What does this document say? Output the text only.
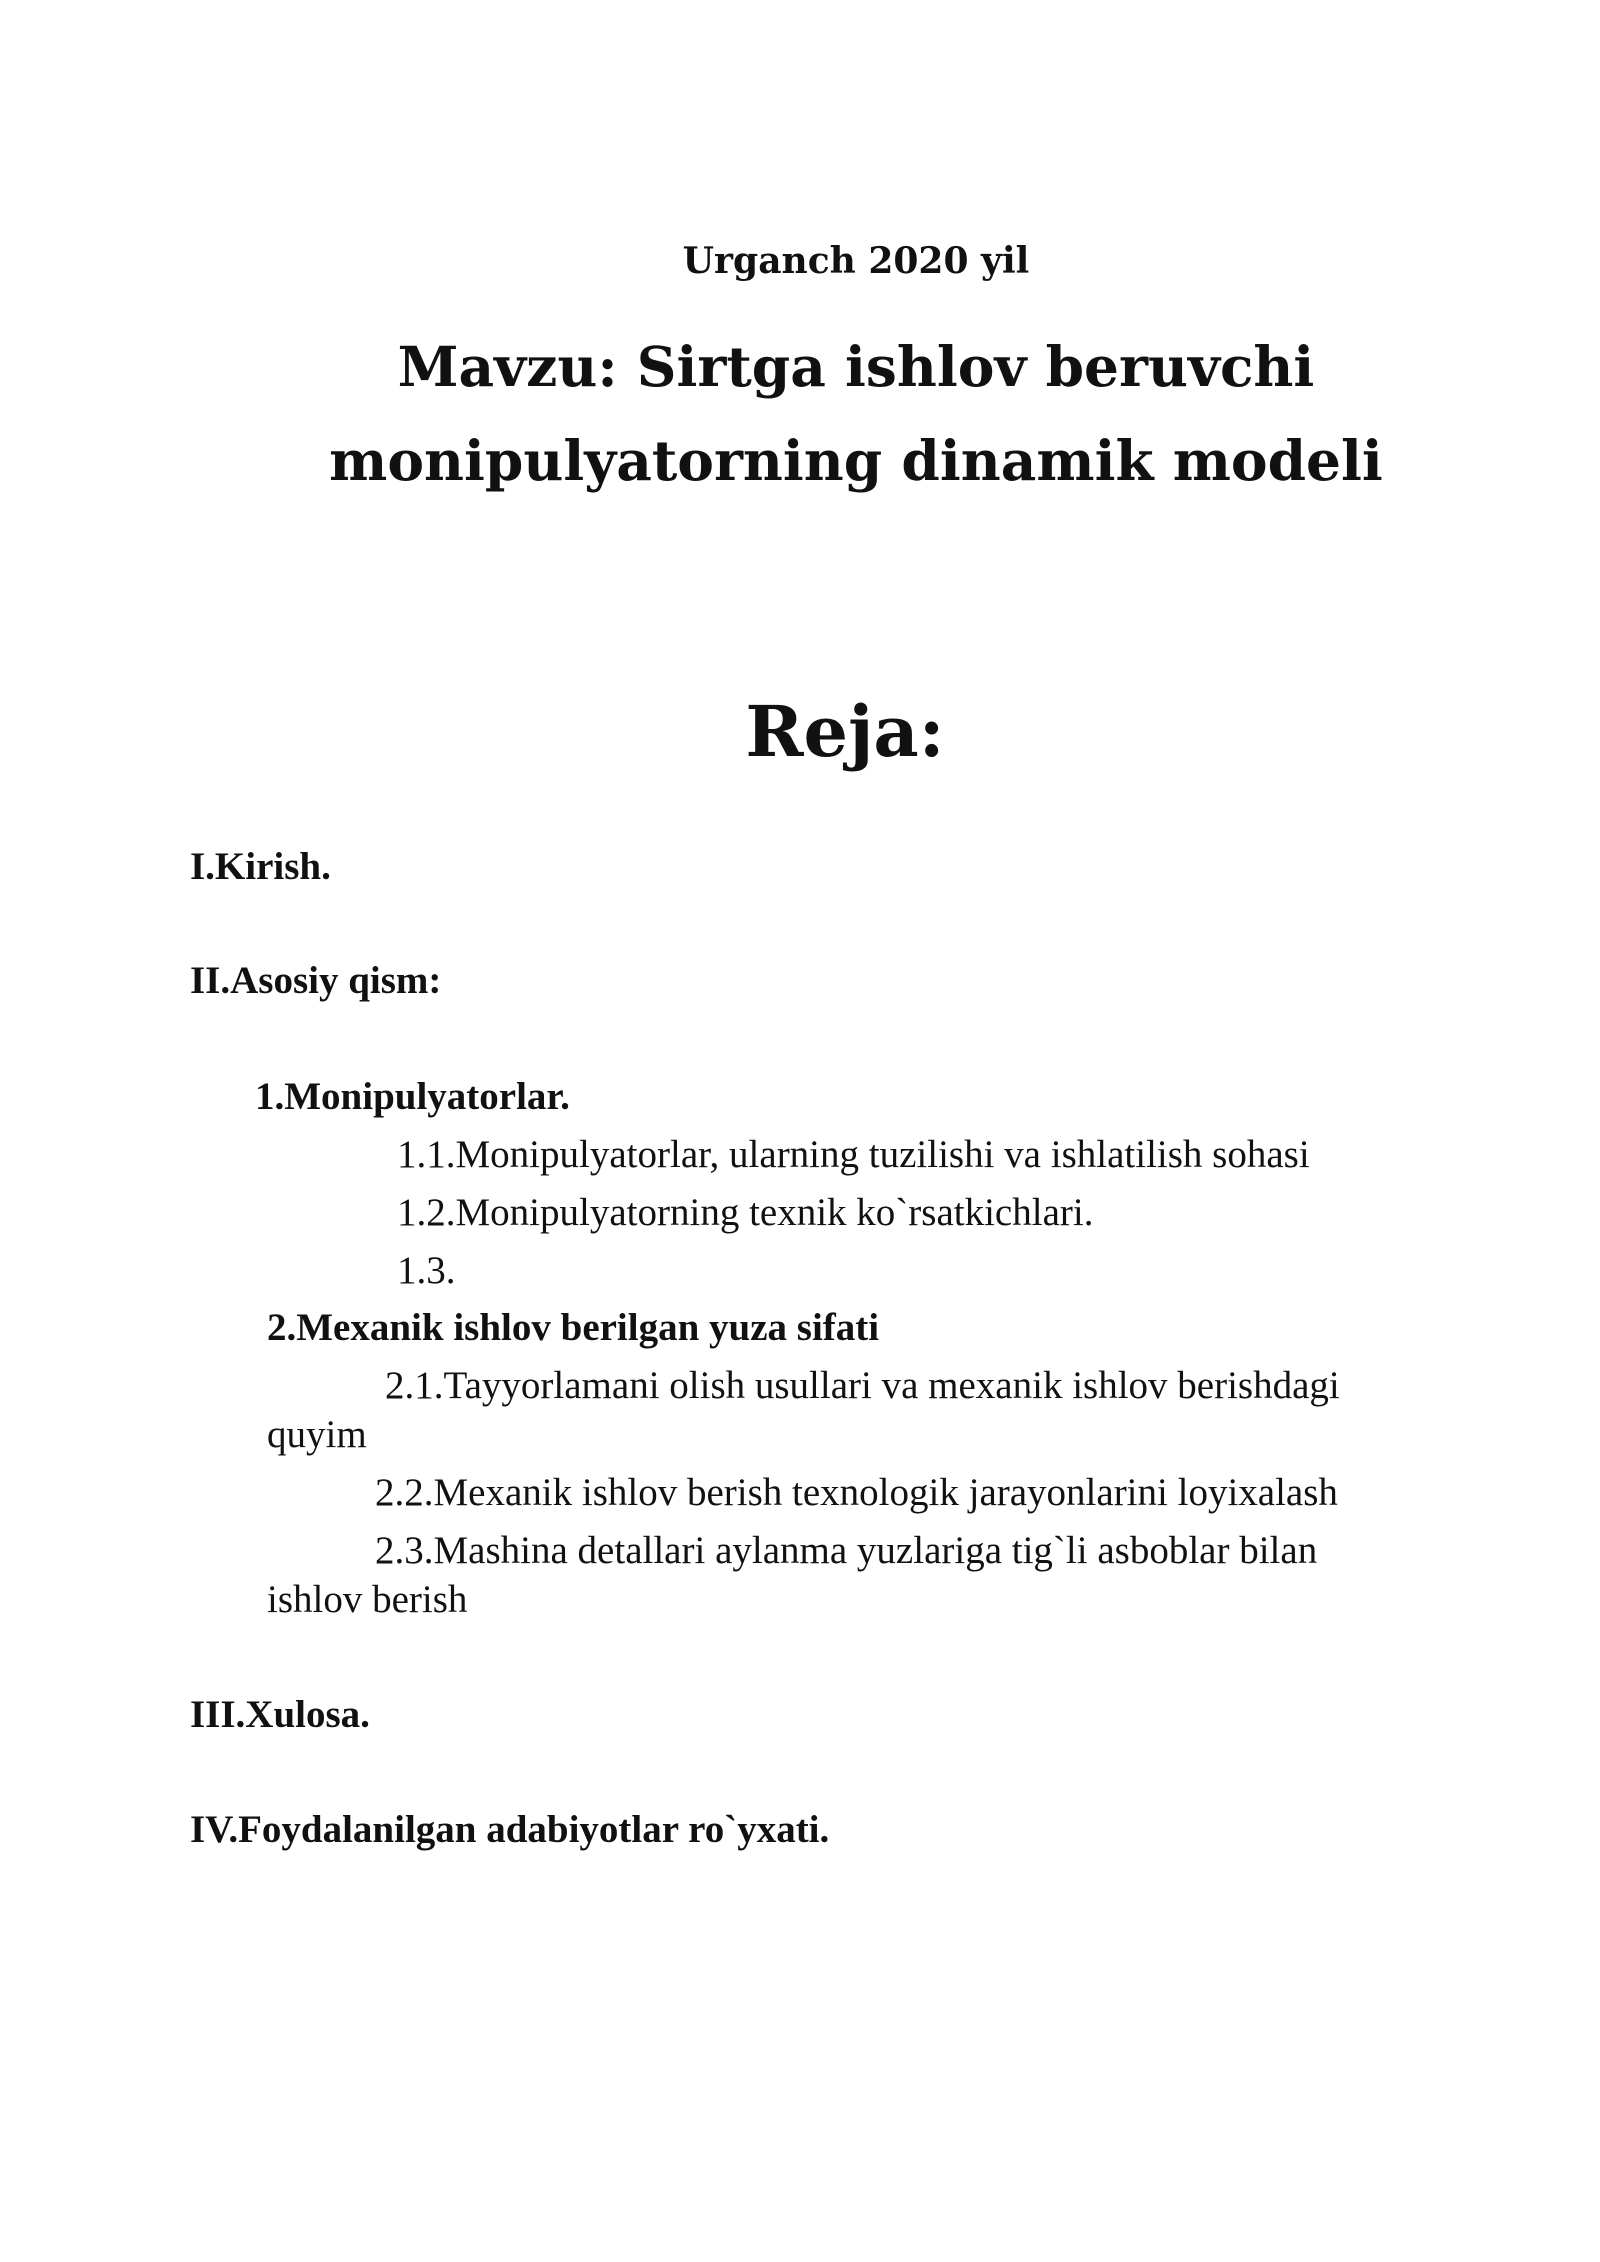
Urganch 2020 yil
Mavzu: Sirtga ishlov beruvchi
monipulyatorning dinamik modeli
Reja:
I.Kirish.
II.Asosiy qism:
1.Monipulyatorlar.
1.1.Monipulyatorlar, ularning tuzilishi va ishlatilish sohasi
1.2.Monipulyatorning texnik ko`rsatkichlari.
1.3.
2.Mexanik ishlov berilgan yuza sifati
2.1.Tayyorlamani olish usullari va mexanik ishlov berishdagi
quyim
2.2.Mexanik ishlov berish texnologik jarayonlarini loyixalash
2.3.Mashina detallari aylanma yuzlariga tig`li asboblar bilan
ishlov berish
III.Xulosa.
IV.Foydalanilgan adabiyotlar ro`yxati.
